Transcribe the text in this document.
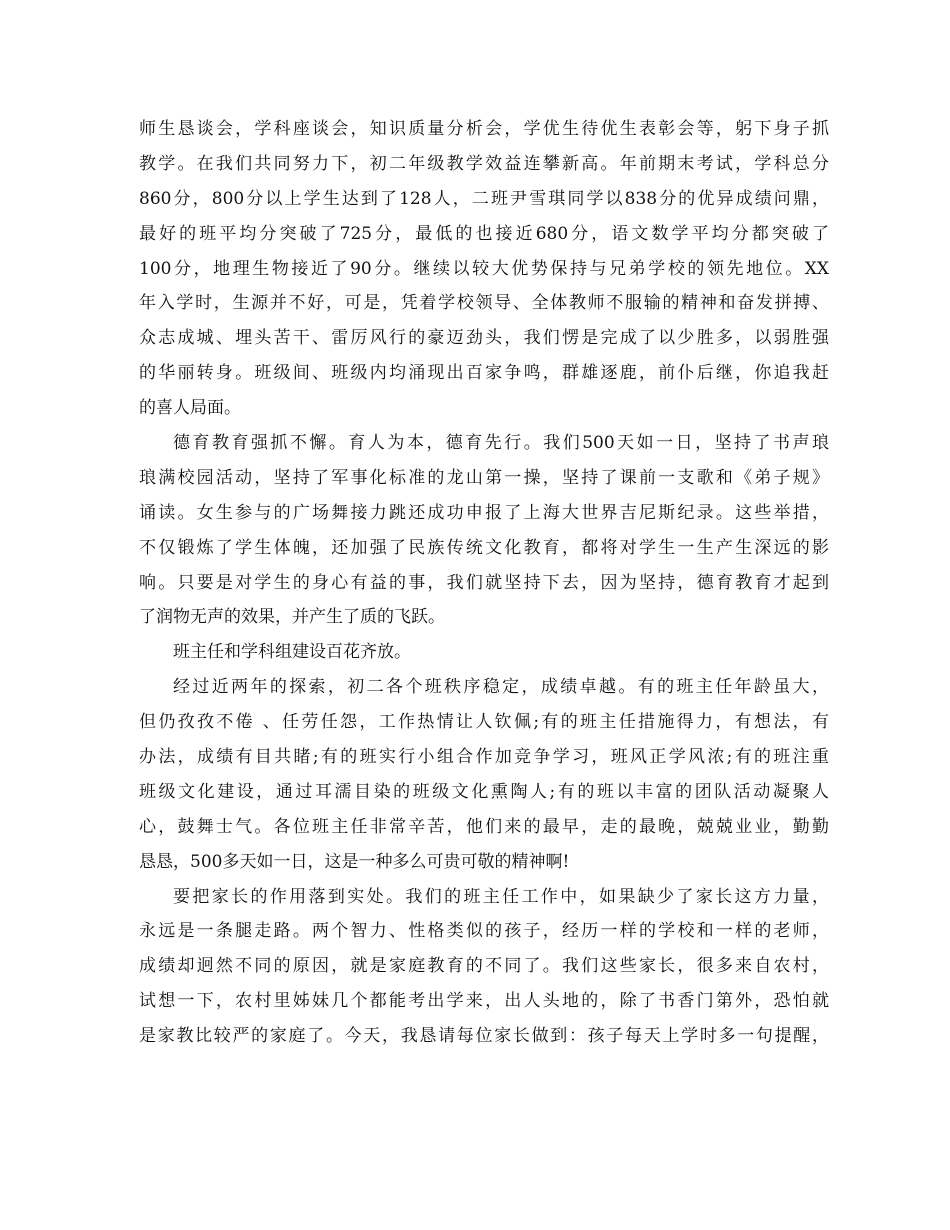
师生恳谈会，学科座谈会，知识质量分析会，学优生待优生表彰会等，躬下身子抓
教学。在我们共同努力下，初二年级教学效益连攀新高。年前期末考试，学科总分
860分，800分以上学生达到了128人，二班尹雪琪同学以838分的优异成绩问鼎，
最好的班平均分突破了725分，最低的也接近680分，语文数学平均分都突破了
100分，地理生物接近了90分。继续以较大优势保持与兄弟学校的领先地位。XX
年入学时，生源并不好，可是，凭着学校领导、全体教师不服输的精神和奋发拼搏、
众志成城、埋头苦干、雷厉风行的豪迈劲头，我们愣是完成了以少胜多，以弱胜强
的华丽转身。班级间、班级内均涌现出百家争鸣，群雄逐鹿，前仆后继，你追我赶
的喜人局面。
德育教育强抓不懈。育人为本，德育先行。我们500天如一日，坚持了书声琅
琅满校园活动，坚持了军事化标准的龙山第一操，坚持了课前一支歌和《弟子规》
诵读。女生参与的广场舞接力跳还成功申报了上海大世界吉尼斯纪录。这些举措，
不仅锻炼了学生体魄，还加强了民族传统文化教育，都将对学生一生产生深远的影
响。只要是对学生的身心有益的事，我们就坚持下去，因为坚持，德育教育才起到
了润物无声的效果，并产生了质的飞跃。
班主任和学科组建设百花齐放。
经过近两年的探索，初二各个班秩序稳定，成绩卓越。有的班主任年龄虽大，
但仍孜孜不倦 、任劳任怨，工作热情让人钦佩;有的班主任措施得力，有想法，有
办法，成绩有目共睹;有的班实行小组合作加竞争学习，班风正学风浓;有的班注重
班级文化建设，通过耳濡目染的班级文化熏陶人;有的班以丰富的团队活动凝聚人
心，鼓舞士气。各位班主任非常辛苦，他们来的最早，走的最晚，兢兢业业，勤勤
恳恳，500多天如一日，这是一种多么可贵可敬的精神啊!
要把家长的作用落到实处。我们的班主任工作中，如果缺少了家长这方力量，
永远是一条腿走路。两个智力、性格类似的孩子，经历一样的学校和一样的老师，
成绩却迥然不同的原因，就是家庭教育的不同了。我们这些家长，很多来自农村，
试想一下，农村里姊妹几个都能考出学来，出人头地的，除了书香门第外，恐怕就
是家教比较严的家庭了。今天，我恳请每位家长做到：孩子每天上学时多一句提醒，
